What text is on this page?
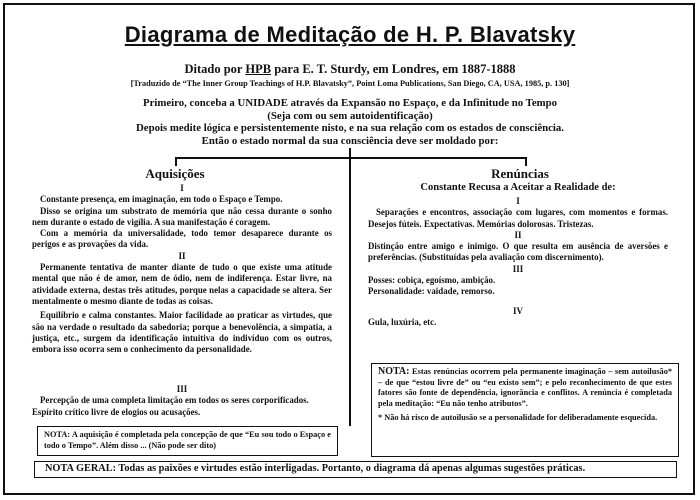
Diagrama de Meditação de H. P. Blavatsky
Ditado por HPB para E. T. Sturdy, em Londres, em 1887-1888
[Traduzido de “The Inner Group Teachings of H.P. Blavatsky”, Point Loma Publications, San Diego, CA, USA, 1985, p. 130]
Primeiro, conceba a UNIDADE através da Expansão no Espaço, e da Infinitude no Tempo
(Seja com ou sem autoidentificação)
Depois medite lógica e persistentemente nisto, e na sua relação com os estados de consciência.
Então o estado normal da sua consciência deve ser moldado por:
Aquisições
I

Constante presença, em imaginação, em todo o Espaço e Tempo.

Disso se origina um substrato de memória que não cessa durante o sonho nem durante o estado de vigília. A sua manifestação é coragem.

Com a memória da universalidade, todo temor desaparece durante os perigos e as provações da vida.

II

Permanente tentativa de manter diante de tudo o que existe uma atitude mental que não é de amor, nem de ódio, nem de indiferença. Estar livre, na atividade externa, destas três atitudes, porque nelas a capacidade se altera. Ser mentalmente o mesmo diante de todas as coisas.

Equilíbrio e calma constantes. Maior facilidade ao praticar as virtudes, que são na verdade o resultado da sabedoria; porque a benevolência, a simpatia, a justiça, etc., surgem da identificação intuitiva do indivíduo com os outros, embora isso ocorra sem o conhecimento da personalidade.

III

Percepção de uma completa limitação em todos os seres corporificados. Espírito crítico livre de elogios ou acusações.

NOTA: A aquisição é completada pela concepção de que “Eu sou todo o Espaço e todo o Tempo”. Além disso ... (Não pode ser dito)
Renúncias
Constante Recusa a Aceitar a Realidade de:
I

Separações e encontros, associação com lugares, com momentos e formas. Desejos fúteis. Expectativas. Memórias dolorosas. Tristezas.

II

Distinção entre amigo e inimigo. O que resulta em ausência de aversões e preferências. (Substituídas pela avaliação com discernimento).

III

Posses: cobiça, egoísmo, ambição.

Personalidade: vaidade, remorso.

IV

Gula, luxúria, etc.

NOTA: Estas renúncias ocorrem pela permanente imaginação – sem autoilusão* – de que “estou livre de” ou “eu existo sem”; e pelo reconhecimento de que estes fatores são fonte de dependência, ignorância e conflitos. A renúncia é completada pela meditação: “Eu não tenho atributos”.
* Não há risco de autoilusão se a personalidade for deliberadamente esquecida.
NOTA GERAL: Todas as paixões e virtudes estão interligadas. Portanto, o diagrama dá apenas algumas sugestões práticas.
